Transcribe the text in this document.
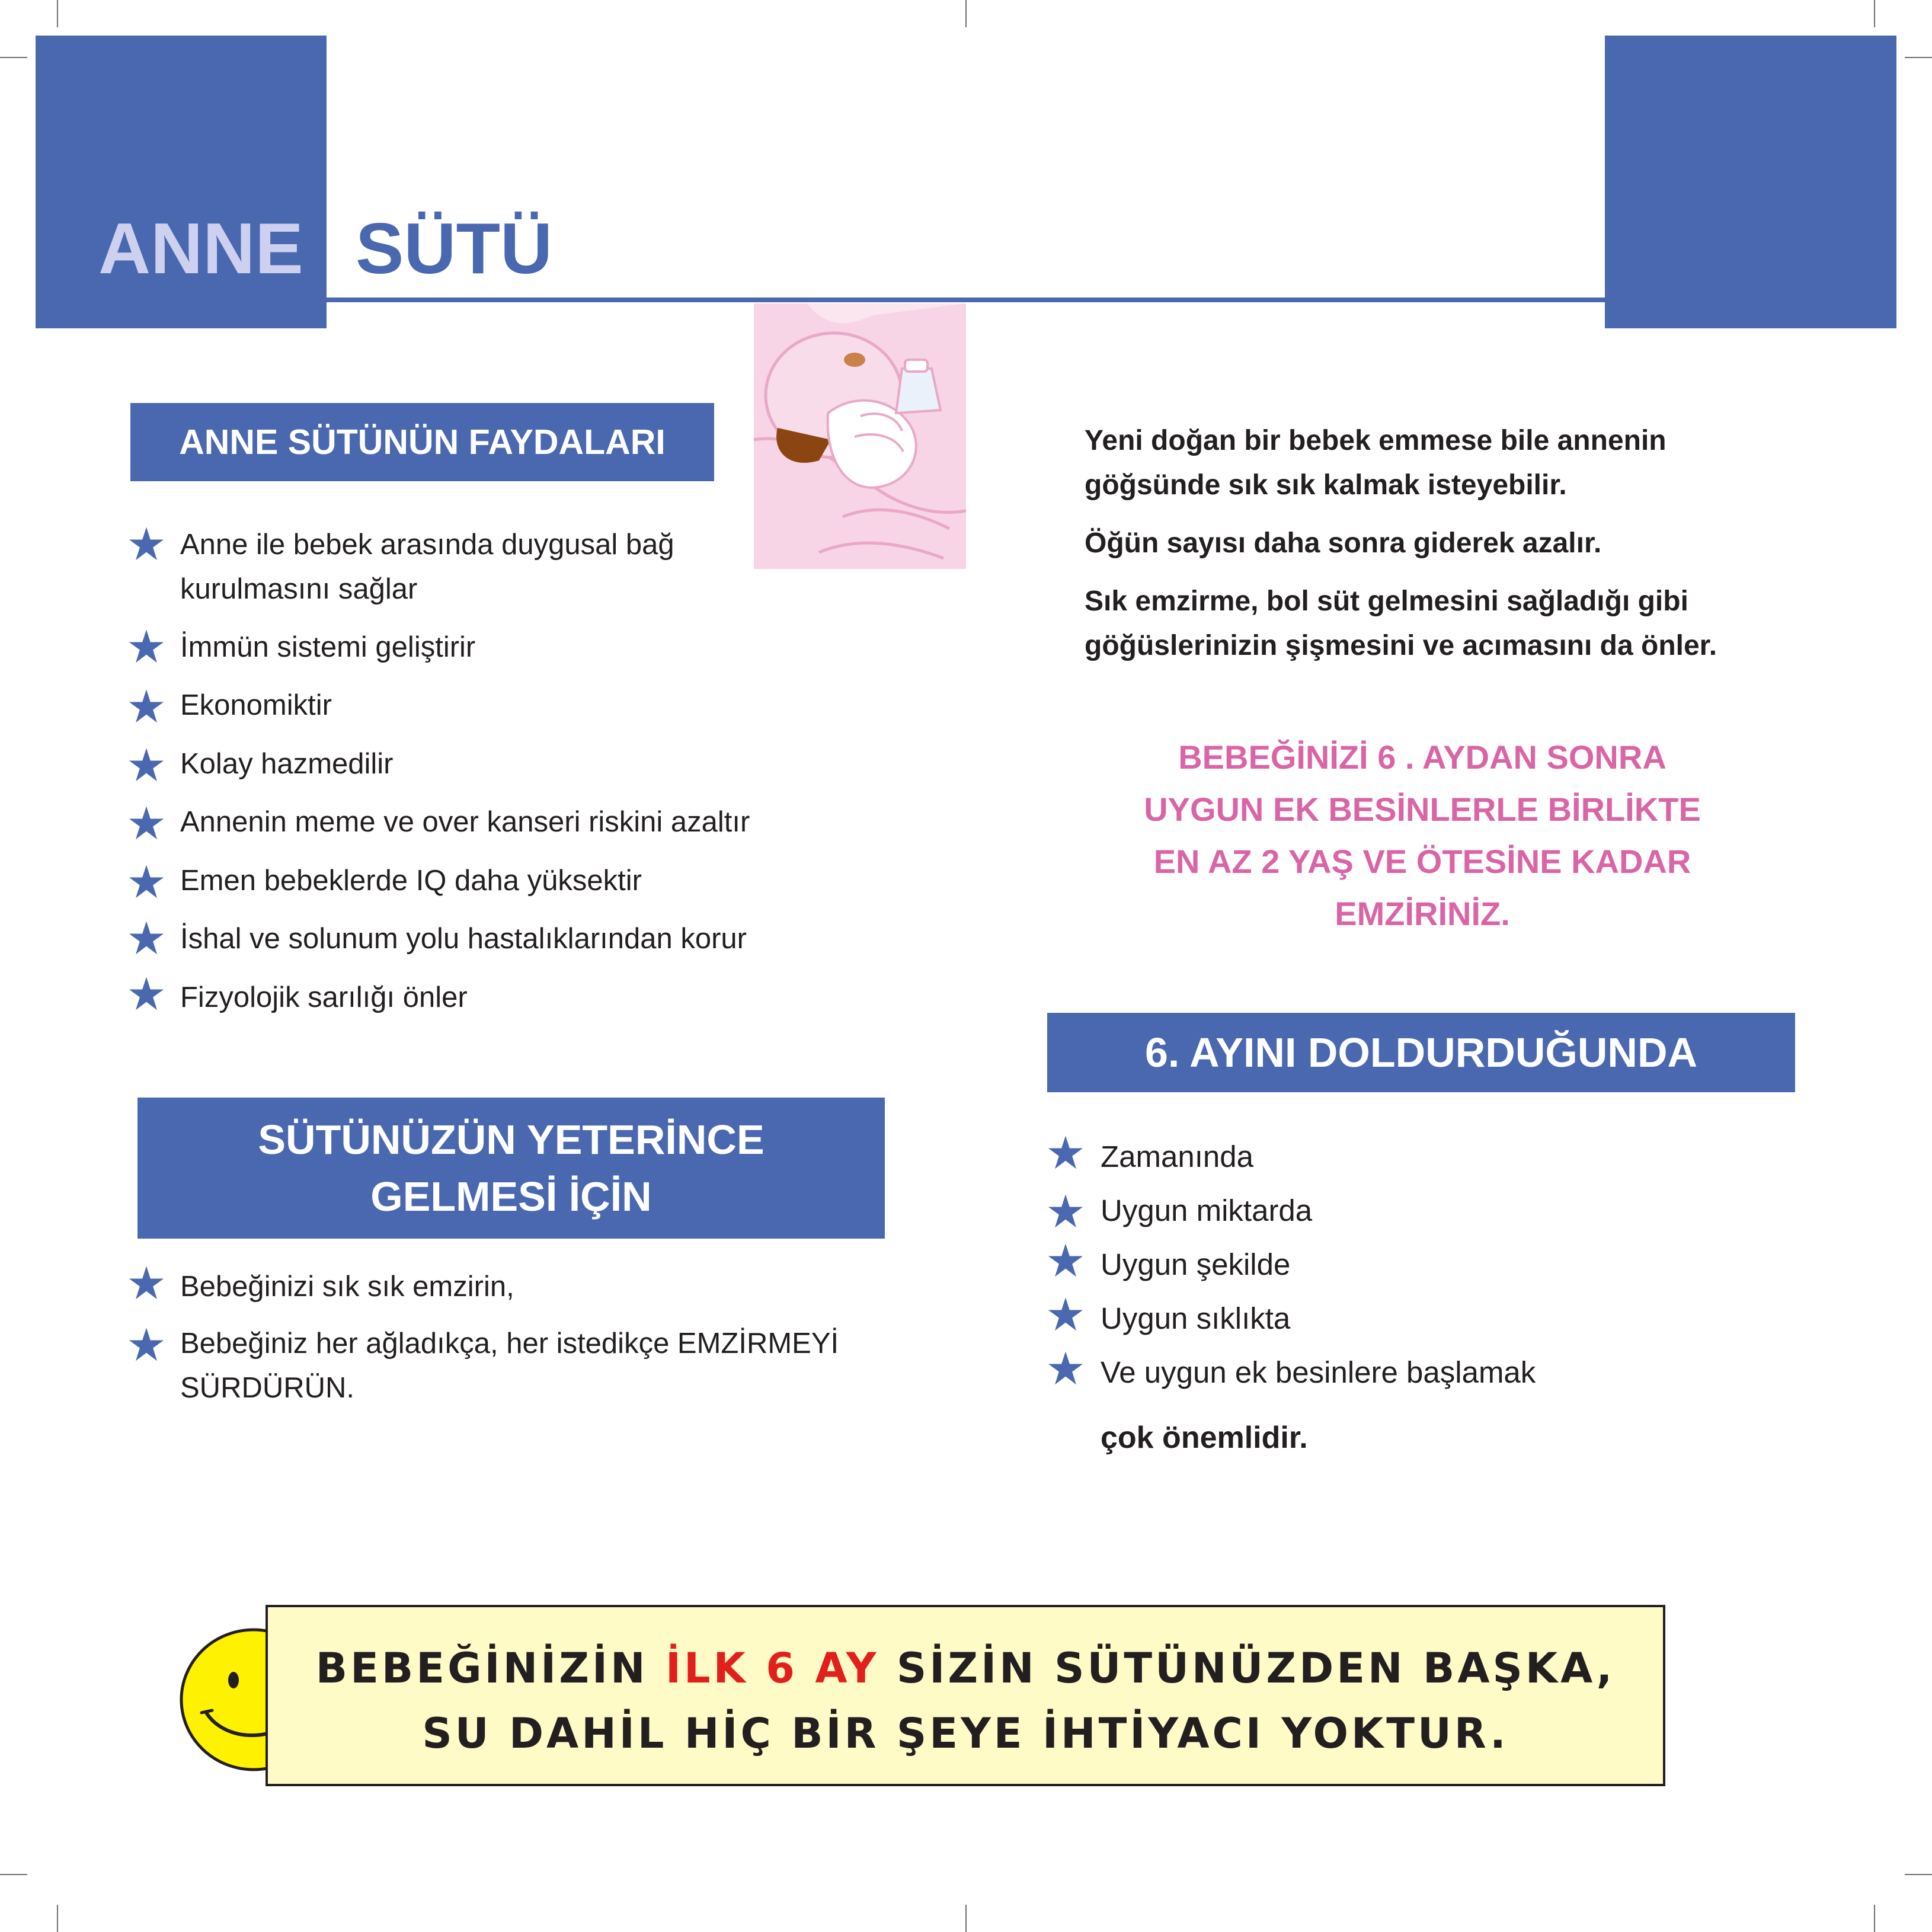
ANNE SÜTÜ
ANNE SÜTÜNÜN FAYDALARI
Anne ile bebek arasında duygusal bağ
kurulmasını sağlar
İmmün sistemi geliştirir
Ekonomiktir
Kolay hazmedilir
Annenin meme ve over kanseri riskini azaltır
Emen bebeklerde IQ daha yüksektir
İshal ve solunum yolu hastalıklarından korur
Fizyolojik sarılığı önler
SÜTÜNÜZÜN YETERİNCE
GELMESİ İÇİN
Bebeğinizi sık sık emzirin,
Bebeğiniz her ağladıkça, her istedikçe EMZİRMEYİ
SÜRDÜRÜN.
Yeni doğan bir bebek emmese bile annenin
göğsünde sık sık kalmak isteyebilir.
Öğün sayısı daha sonra giderek azalır.
Sık emzirme, bol süt gelmesini sağladığı gibi
göğüslerinizin şişmesini ve acımasını da önler.
BEBEĞİNİZİ 6 . AYDAN SONRA
UYGUN EK BESİNLERLE BİRLİKTE
EN AZ 2 YAŞ VE ÖTESİNE KADAR
EMZİRİNİZ.
6. AYINI DOLDURDUĞUNDA
Zamanında
Uygun miktarda
Uygun şekilde
Uygun sıklıkta
Ve uygun ek besinlere başlamak
çok önemlidir.
BEBEĞİNİZİN İLK 6 AY SİZİN SÜTÜNÜZDEN BAŞKA,
SU DAHİL HİÇ BİR ŞEYE İHTİYACI YOKTUR.
